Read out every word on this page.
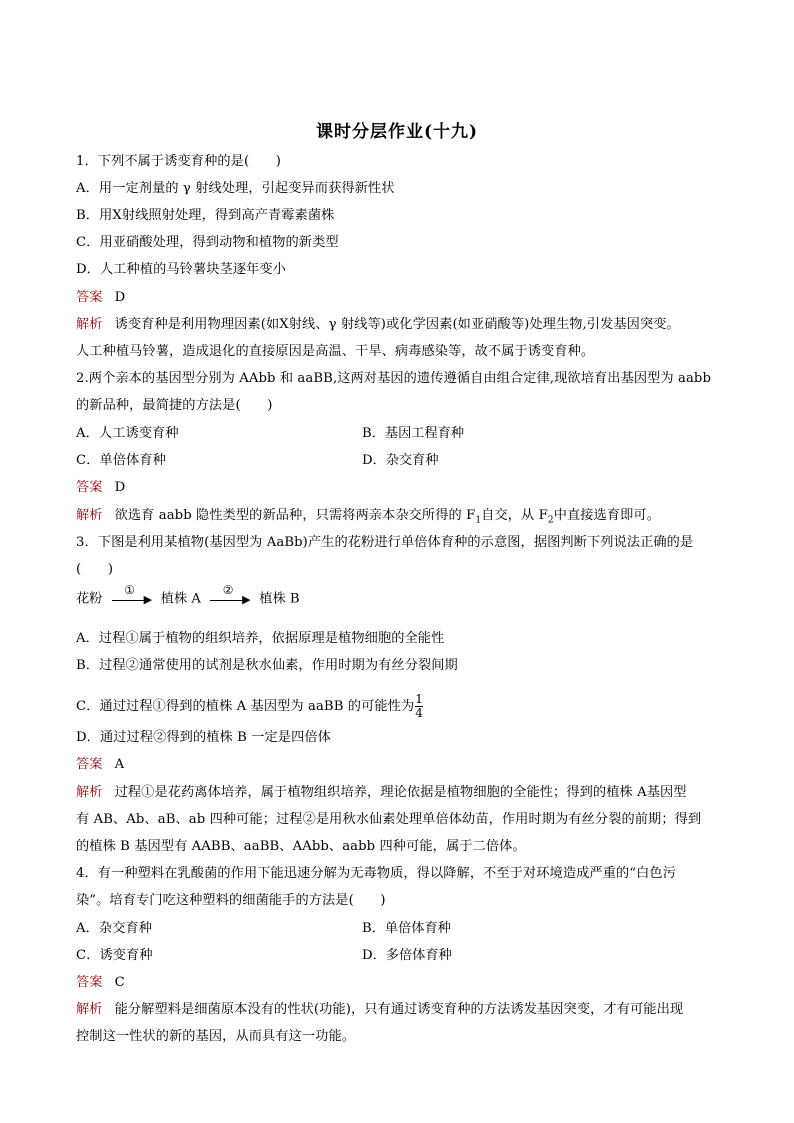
课时分层作业(十九)
1．下列不属于诱变育种的是(　　)
A．用一定剂量的 γ 射线处理，引起变异而获得新性状
B．用X射线照射处理，得到高产青霉素菌株
C．用亚硝酸处理，得到动物和植物的新类型
D．人工种植的马铃薯块茎逐年变小
答案 D
解析 诱变育种是利用物理因素(如X射线、γ 射线等)或化学因素(如亚硝酸等)处理生物,引发基因突变。
人工种植马铃薯，造成退化的直接原因是高温、干旱、病毒感染等，故不属于诱变育种。
2.两个亲本的基因型分别为 AAbb 和 aaBB,这两对基因的遗传遵循自由组合定律,现欲培育出基因型为 aabb
的新品种，最简捷的方法是(　　)
A．人工诱变育种	B．基因工程育种
C．单倍体育种	D．杂交育种
答案 D
解析 欲选育 aabb 隐性类型的新品种，只需将两亲本杂交所得的 $F_1$自交，从 $F_2$中直接选育即可。
3．下图是利用某植物(基因型为 AaBb)产生的花粉进行单倍体育种的示意图，据图判断下列说法正确的是
(　　)
花粉
①
▶ 植株 A
②
▶ 植株 B
A．过程①属于植物的组织培养，依据原理是植物细胞的全能性
B．过程②通常使用的试剂是秋水仙素，作用时期为有丝分裂间期
C．通过过程①得到的植株 A 基因型为 aaBB 的可能性为 $\frac{1}{4}$
D．通过过程②得到的植株 B 一定是四倍体
答案 A
解析 过程①是花药离体培养，属于植物组织培养，理论依据是植物细胞的全能性；得到的植株 A基因型
有 AB、Ab、aB、ab 四种可能；过程②是用秋水仙素处理单倍体幼苗，作用时期为有丝分裂的前期；得到
的植株 B 基因型有 AABB、aaBB、AAbb、aabb 四种可能，属于二倍体。
4．有一种塑料在乳酸菌的作用下能迅速分解为无毒物质，得以降解，不至于对环境造成严重的“白色污
染”。培育专门吃这种塑料的细菌能手的方法是(　　)
A．杂交育种	B．单倍体育种
C．诱变育种	D．多倍体育种
答案 C
解析 能分解塑料是细菌原本没有的性状(功能)，只有通过诱变育种的方法诱发基因突变，才有可能出现
控制这一性状的新的基因，从而具有这一功能。
